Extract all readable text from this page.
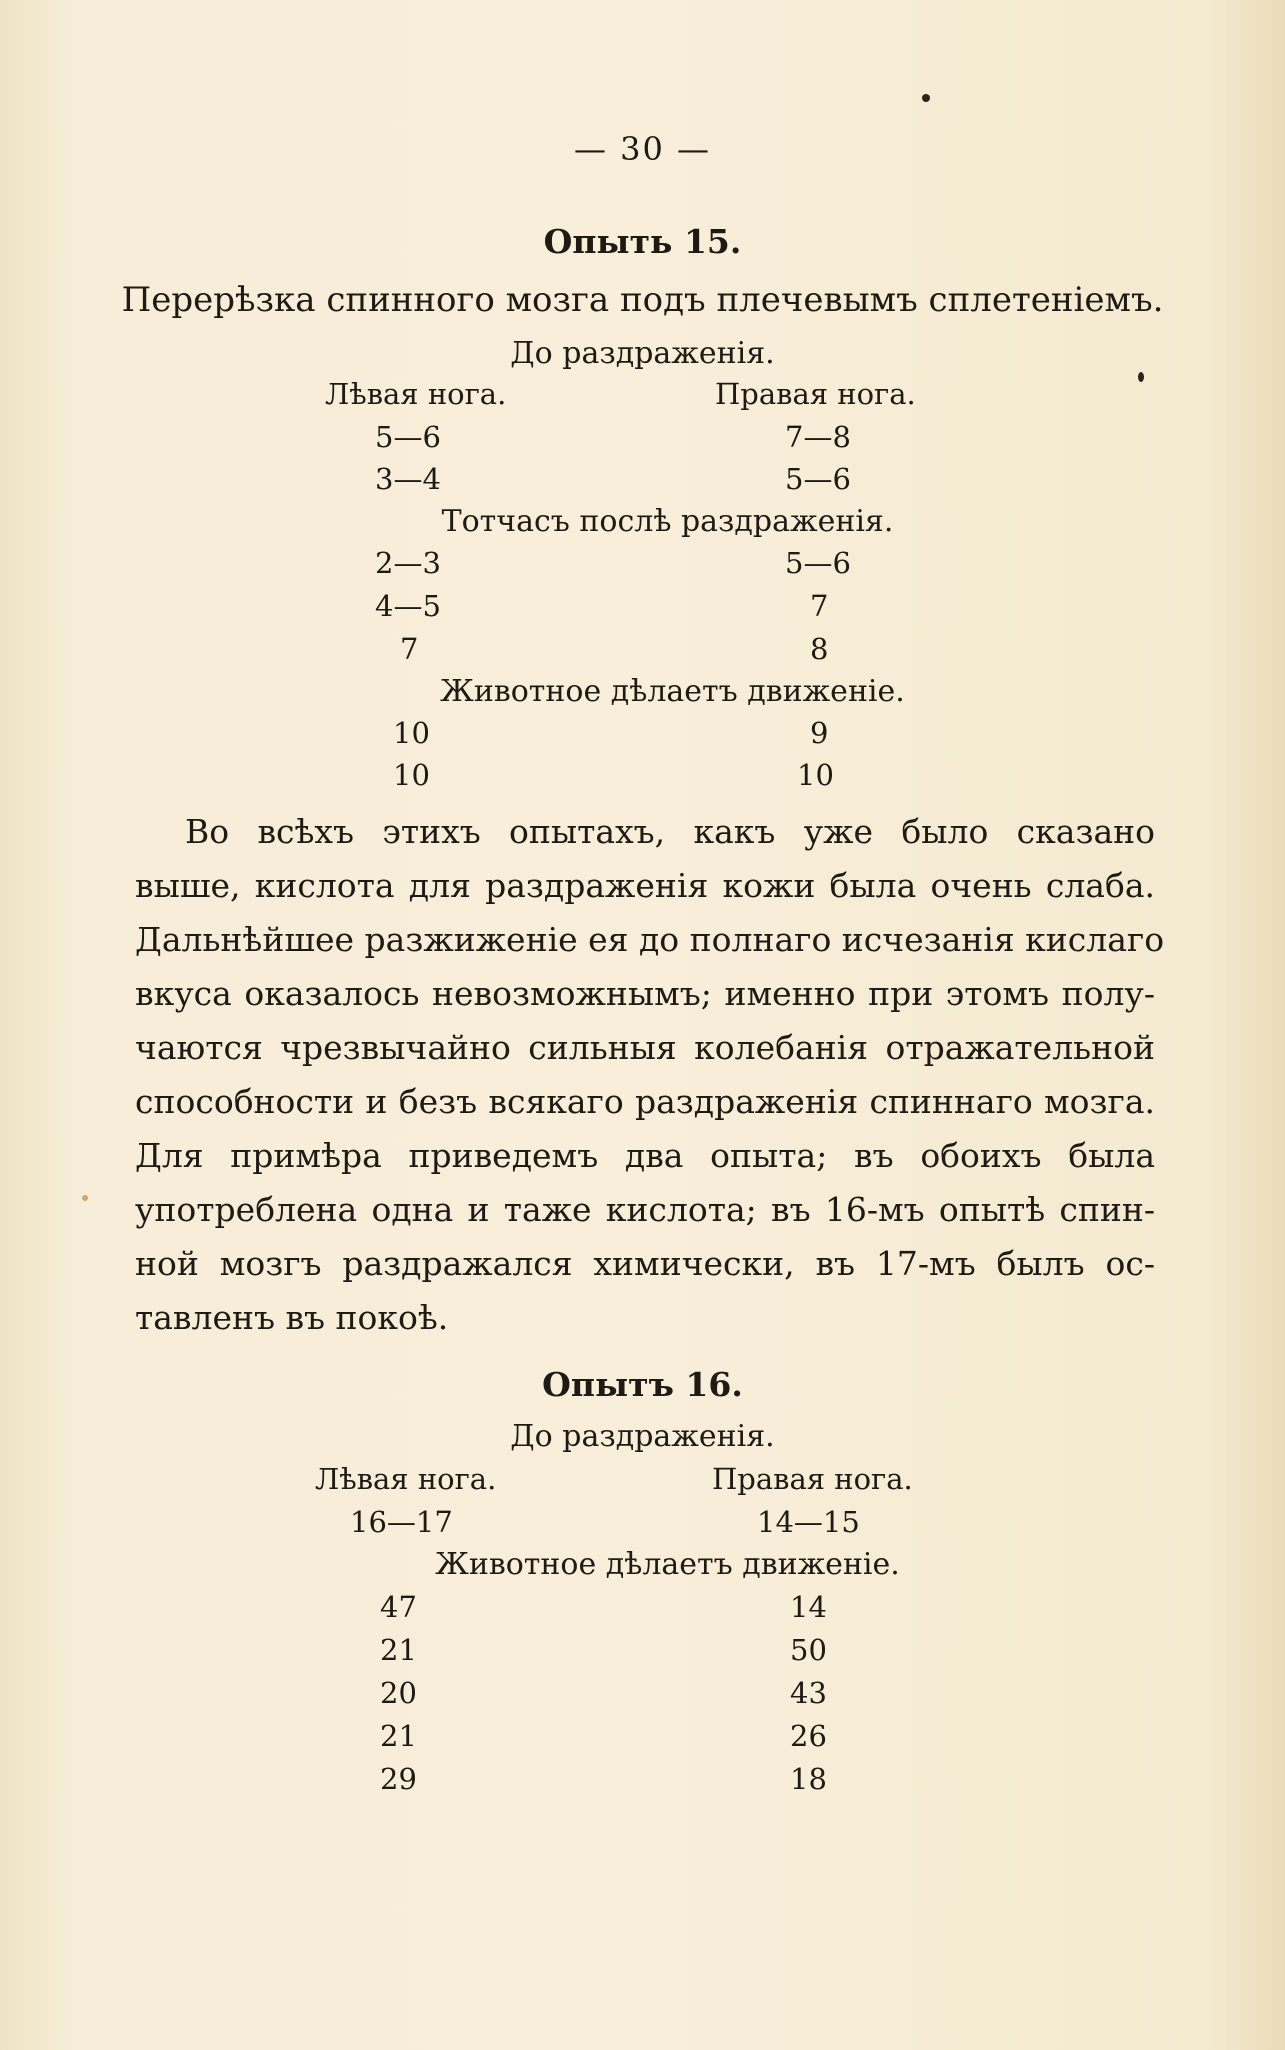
— 30 —
Опыть 15.
Перерѣзка спинного мозга подъ плечевымъ сплетеніемъ.
До раздраженія.
Лѣвая нога.	Правая нога.
5—6	7—8
3—4	5—6
Тотчасъ послѣ раздраженія.
2—3	5—6
4—5	7
7	8
Животное дѣлаетъ движеніе.
10	9
10	10
Во всѣхъ этихъ опытахъ, какъ уже было сказано
выше, кислота для раздраженія кожи была очень слаба.
Дальнѣйшее разжиженіе ея до полнаго исчезанія кислаго
вкуса оказалось невозможнымъ; именно при этомъ полу-
чаются чрезвычайно сильныя колебанія отражательной
способности и безъ всякаго раздраженія спиннаго мозга.
Для примѣра приведемъ два опыта; въ обоихъ была
употреблена одна и таже кислота; въ 16-мъ опытѣ спин-
ной мозгъ раздражался химически, въ 17-мъ былъ ос-
тавленъ въ покоѣ.
Опытъ 16.
До раздраженія.
Лѣвая нога.	Правая нога.
16—17	14—15
Животное дѣлаетъ движеніе.
47	14
21	50
20	43
21	26
29	18
